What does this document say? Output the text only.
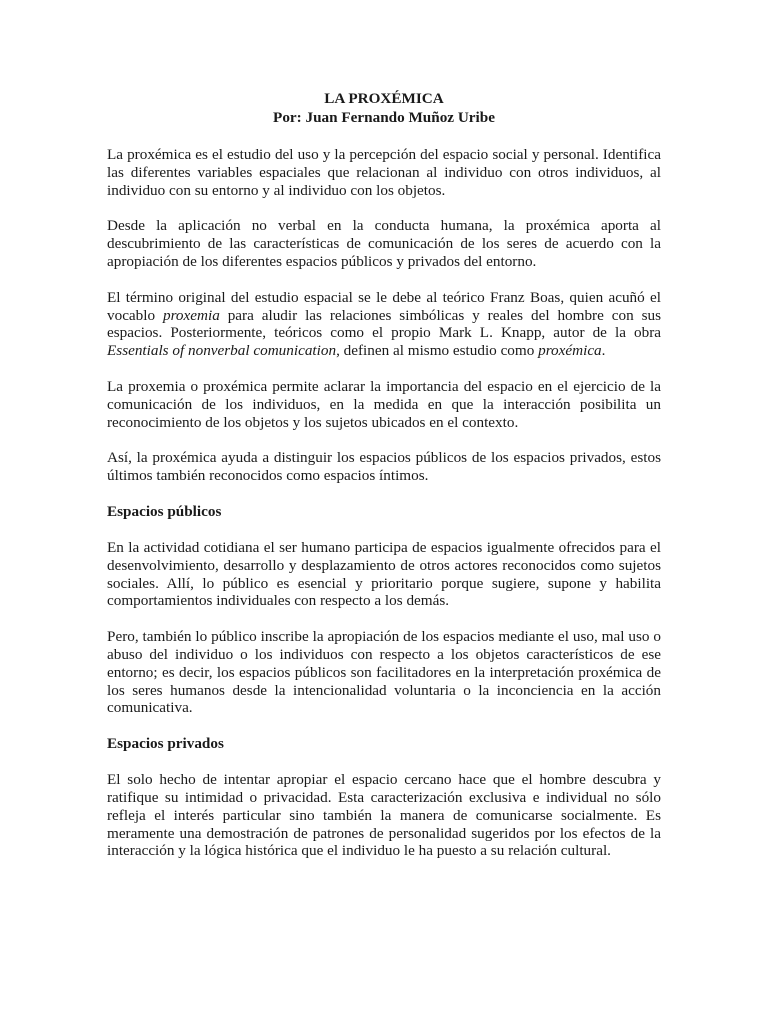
LA PROXÉMICA
Por: Juan Fernando Muñoz Uribe

La proxémica es el estudio del uso y la percepción del espacio social y personal. Identifica las diferentes variables espaciales que relacionan al individuo con otros individuos, al individuo con su entorno y al individuo con los objetos.

Desde la aplicación no verbal en la conducta humana, la proxémica aporta al descubrimiento de las características de comunicación de los seres de acuerdo con la apropiación de los diferentes espacios públicos y privados del entorno.

El término original del estudio espacial se le debe al teórico Franz Boas, quien acuñó el vocablo proxemia para aludir las relaciones simbólicas y reales del hombre con sus espacios. Posteriormente, teóricos como el propio Mark L. Knapp, autor de la obra Essentials of nonverbal comunication, definen al mismo estudio como proxémica.

La proxemia o proxémica permite aclarar la importancia del espacio en el ejercicio de la comunicación de los individuos, en la medida en que la interacción posibilita un reconocimiento de los objetos y los sujetos ubicados en el contexto.

Así, la proxémica ayuda a distinguir los espacios públicos de los espacios privados, estos últimos también reconocidos como espacios íntimos.

Espacios públicos

En la actividad cotidiana el ser humano participa de espacios igualmente ofrecidos para el desenvolvimiento, desarrollo y desplazamiento de otros actores reconocidos como sujetos sociales. Allí, lo público es esencial y prioritario porque sugiere, supone y habilita comportamientos individuales con respecto a los demás.

Pero, también lo público inscribe la apropiación de los espacios mediante el uso, mal uso o abuso del individuo o los individuos con respecto a los objetos característicos de ese entorno; es decir, los espacios públicos son facilitadores en la interpretación proxémica de los seres humanos desde la intencionalidad voluntaria o la inconciencia en la acción comunicativa.

Espacios privados

El solo hecho de intentar apropiar el espacio cercano hace que el hombre descubra y ratifique su intimidad o privacidad. Esta caracterización exclusiva e individual no sólo refleja el interés particular sino también la manera de comunicarse socialmente. Es meramente una demostración de patrones de personalidad sugeridos por los efectos de la interacción y la lógica histórica que el individuo le ha puesto a su relación cultural.
